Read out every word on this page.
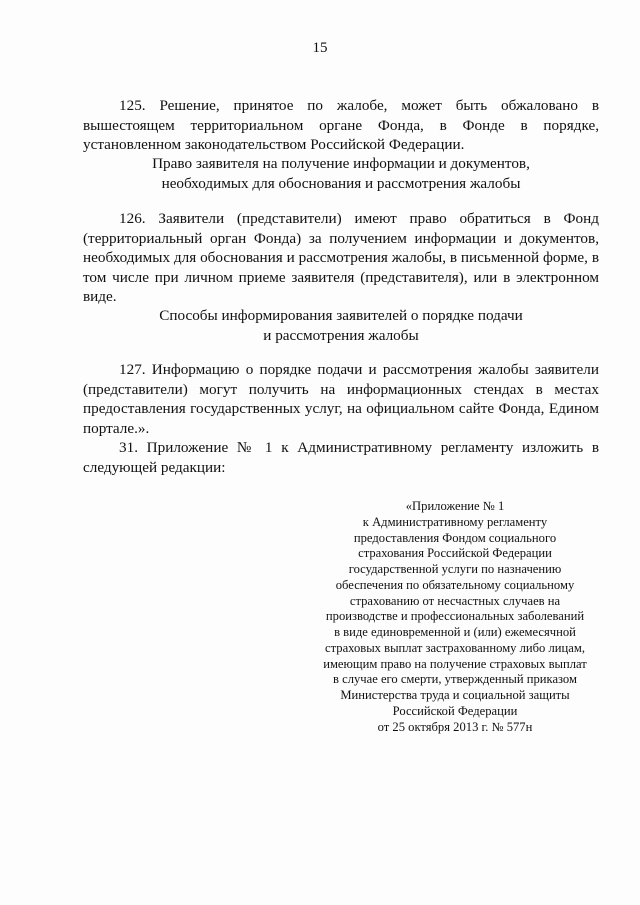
15

125. Решение, принятое по жалобе, может быть обжаловано в вышестоящем территориальном органе Фонда, в Фонде в порядке, установленном законодательством Российской Федерации.

Право заявителя на получение информации и документов,

необходимых для обоснования и рассмотрения жалобы

126. Заявители (представители) имеют право обратиться в Фонд (территориальный орган Фонда) за получением информации и документов, необходимых для обоснования и рассмотрения жалобы, в письменной форме, в том числе при личном приеме заявителя (представителя), или в электронном виде.

Способы информирования заявителей о порядке подачи

и рассмотрения жалобы

127. Информацию о порядке подачи и рассмотрения жалобы заявители (представители) могут получить на информационных стендах в местах предоставления государственных услуг, на официальном сайте Фонда, Едином портале.».

31. Приложение № 1 к Административному регламенту изложить в следующей редакции:

«Приложение № 1
к Административному регламенту
предоставления Фондом социального
страхования Российской Федерации
государственной услуги по назначению
обеспечения по обязательному социальному
страхованию от несчастных случаев на
производстве и профессиональных заболеваний
в виде единовременной и (или) ежемесячной
страховых выплат застрахованному либо лицам,
имеющим право на получение страховых выплат
в случае его смерти, утвержденный приказом
Министерства труда и социальной защиты
Российской Федерации
от 25 октября 2013 г. № 577н
